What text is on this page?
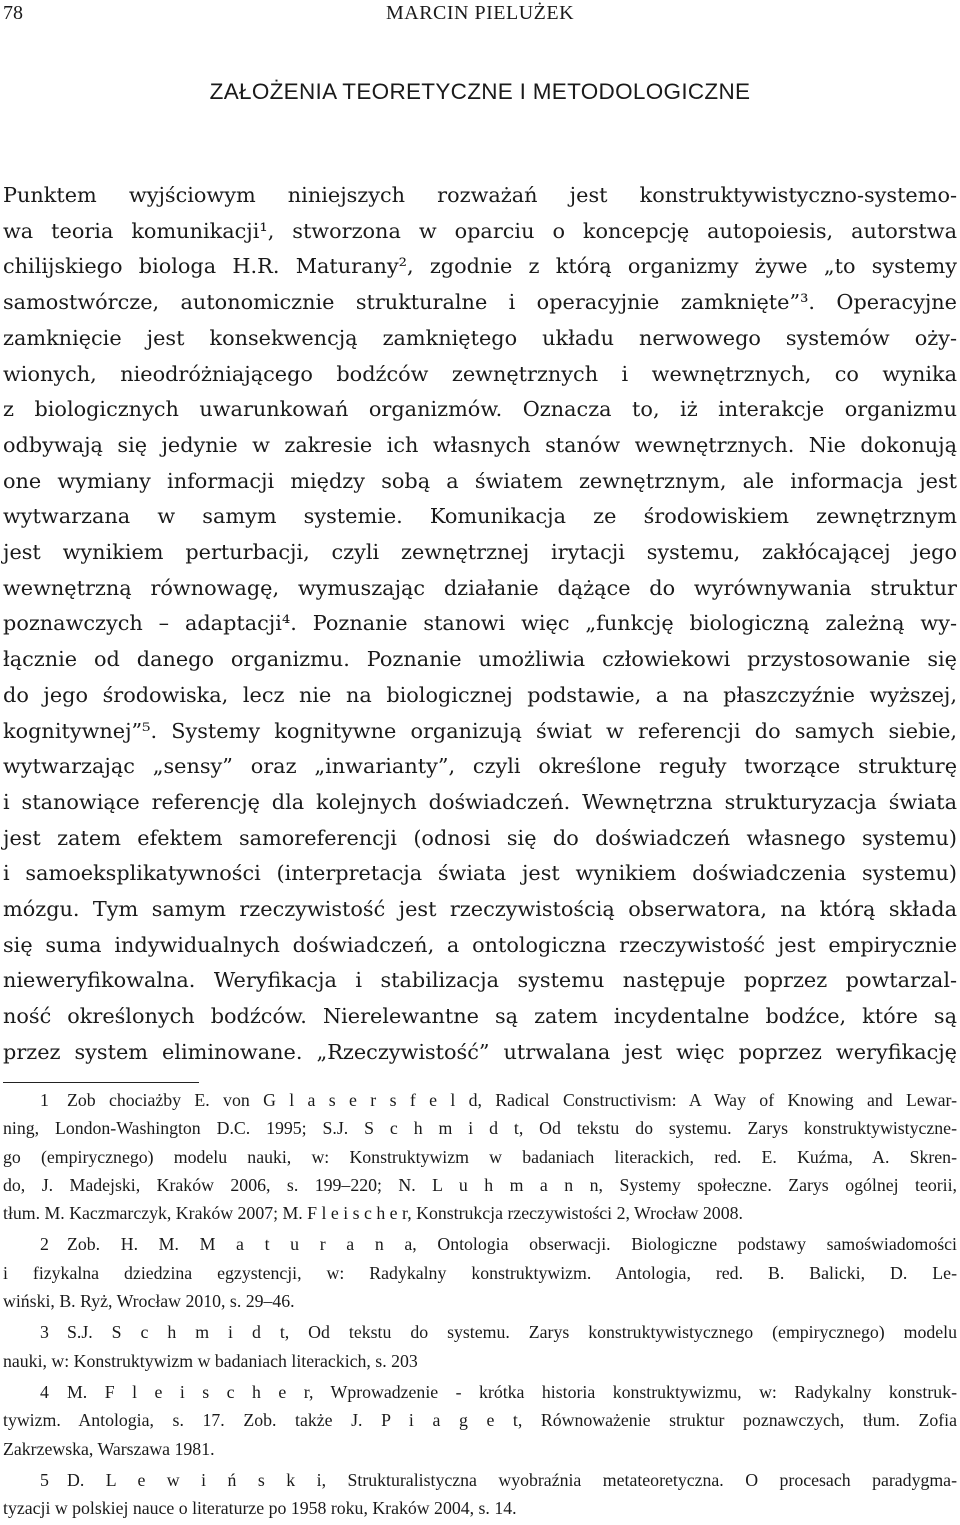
78	MARCIN PIELUŻEK
ZAŁOŻENIA TEORETYCZNE I METODOLOGICZNE
Punktem wyjściowym niniejszych rozważań jest konstruktywistyczno-systemo-
wa teoria komunikacji¹, stworzona w oparciu o koncepcję autopoiesis, autorstwa
chilijskiego biologa H.R. Maturany², zgodnie z którą organizmy żywe „to systemy
samostwórcze, autonomicznie strukturalne i operacyjnie zamknięte”³. Operacyjne
zamknięcie jest konsekwencją zamkniętego układu nerwowego systemów oży-
wionych, nieodróżniającego bodźców zewnętrznych i wewnętrznych, co wynika
z biologicznych uwarunkowań organizmów. Oznacza to, iż interakcje organizmu
odbywają się jedynie w zakresie ich własnych stanów wewnętrznych. Nie dokonują
one wymiany informacji między sobą a światem zewnętrznym, ale informacja jest
wytwarzana w samym systemie. Komunikacja ze środowiskiem zewnętrznym
jest wynikiem perturbacji, czyli zewnętrznej irytacji systemu, zakłócającej jego
wewnętrzną równowagę, wymuszając działanie dążące do wyrównywania struktur
poznawczych – adaptacji⁴. Poznanie stanowi więc „funkcję biologiczną zależną wy-
łącznie od danego organizmu. Poznanie umożliwia człowiekowi przystosowanie się
do jego środowiska, lecz nie na biologicznej podstawie, a na płaszczyźnie wyższej,
kognitywnej”⁵. Systemy kognitywne organizują świat w referencji do samych siebie,
wytwarzając „sensy” oraz „inwarianty”, czyli określone reguły tworzące strukturę
i stanowiące referencję dla kolejnych doświadczeń. Wewnętrzna strukturyzacja świata
jest zatem efektem samoreferencji (odnosi się do doświadczeń własnego systemu)
i samoeksplikatywności (interpretacja świata jest wynikiem doświadczenia systemu)
mózgu. Tym samym rzeczywistość jest rzeczywistością obserwatora, na którą składa
się suma indywidualnych doświadczeń, a ontologiczna rzeczywistość jest empirycznie
nieweryfikowalna. Weryfikacja i stabilizacja systemu następuje poprzez powtarzal-
ność określonych bodźców. Nierelewantne są zatem incydentalne bodźce, które są
przez system eliminowane. „Rzeczywistość” utrwalana jest więc poprzez weryfikację
1 Zob chociażby E. von G l a s e r s f e l d, Radical Constructivism: A Way of Knowing and Lewar-
ning, London-Washington D.C. 1995; S.J. S c h m i d t, Od tekstu do systemu. Zarys konstruktywistyczne-
go (empirycznego) modelu nauki, w: Konstruktywizm w badaniach literackich, red. E. Kuźma, A. Skren-
do, J. Madejski, Kraków 2006, s. 199–220; N. L u h m a n n, Systemy społeczne. Zarys ogólnej teorii,
tłum. M. Kaczmarczyk, Kraków 2007; M. F l e i s c h e r, Konstrukcja rzeczywistości 2, Wrocław 2008.
2 Zob. H. M. M a t u r a n a, Ontologia obserwacji. Biologiczne podstawy samoświadomości
i fizykalna dziedzina egzystencji, w: Radykalny konstruktywizm. Antologia, red. B. Balicki, D. Le-
wiński, B. Ryż, Wrocław 2010, s. 29–46.
3 S.J. S c h m i d t, Od tekstu do systemu. Zarys konstruktywistycznego (empirycznego) modelu
nauki, w: Konstruktywizm w badaniach literackich, s. 203
4 M. F l e i s c h e r, Wprowadzenie - krótka historia konstruktywizmu, w: Radykalny konstruk-
tywizm. Antologia, s. 17. Zob. także J. P i a g e t, Równoważenie struktur poznawczych, tłum. Zofia
Zakrzewska, Warszawa 1981.
5 D. L e w i ń s k i, Strukturalistyczna wyobraźnia metateoretyczna. O procesach paradygma-
tyzacji w polskiej nauce o literaturze po 1958 roku, Kraków 2004, s. 14.
